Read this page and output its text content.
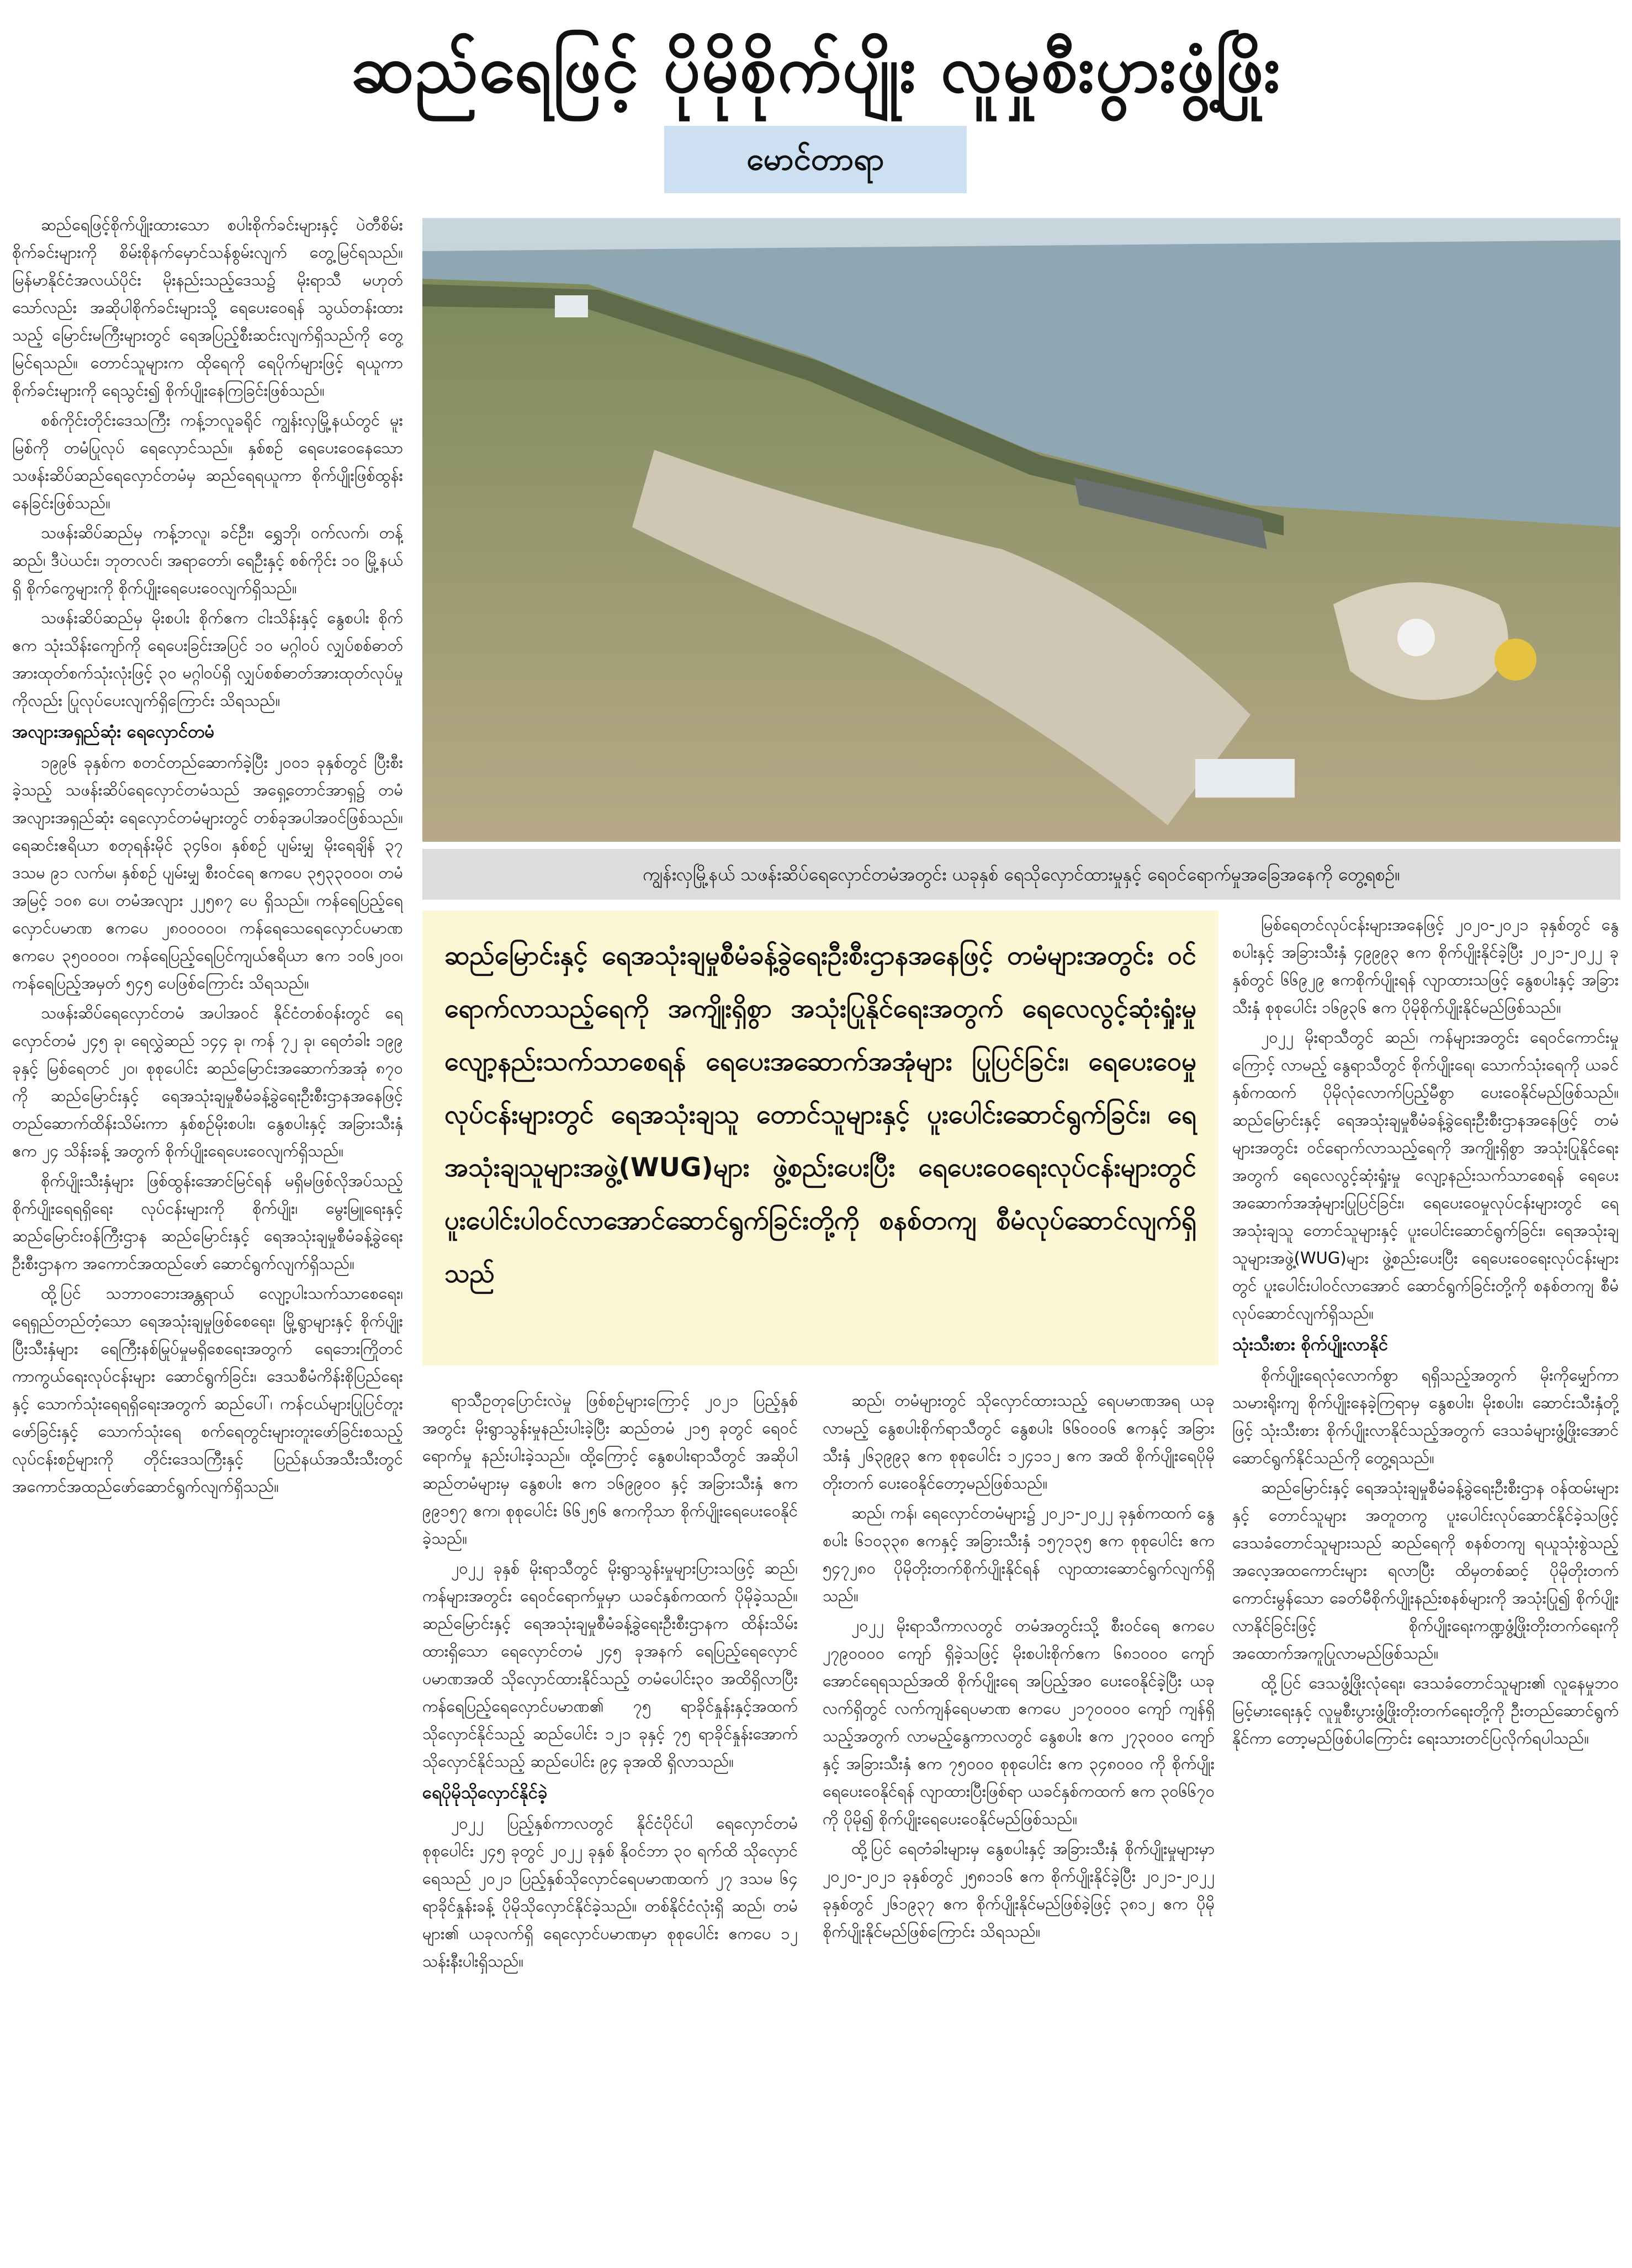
ဆည်ရေဖြင့် ပိုမိုစိုက်ပျိုး လူမှုစီးပွားဖွံ့ဖြိုး
မောင်တာရာ

ဆည်ရေဖြင့်စိုက်ပျိုးထားသော စပါးစိုက်ခင်းများနှင့် ပဲတီစိမ်းစိုက်ခင်းများကို စိမ်းစိုနက်မှောင်သန်စွမ်းလျက် တွေ့မြင်ရသည်။ မြန်မာနိုင်ငံအလယ်ပိုင်း မိုးနည်းသည့်ဒေသ၌ မိုးရာသီ မဟုတ်သော်လည်း အဆိုပါစိုက်ခင်းများသို့ ရေပေးဝေရန် သွယ်တန်းထားသည့် မြောင်းမကြီးများတွင် ရေအပြည့်စီးဆင်းလျက်ရှိသည်ကို တွေ့မြင်ရသည်။ တောင်သူများက ထိုရေကို ရေပိုက်များဖြင့် ရယူကာ စိုက်ခင်းများကို ရေသွင်း၍ စိုက်ပျိုးနေကြခြင်းဖြစ်သည်။

စစ်ကိုင်းတိုင်းဒေသကြီး ကန့်ဘလူခရိုင် ကျွန်းလှမြို့နယ်တွင် မူးမြစ်ကို တမံပြုလုပ် ရေလှောင်သည်။ နှစ်စဉ် ရေပေးဝေနေသော သဖန်းဆိပ်ဆည်ရေလှောင်တမံမှ ဆည်ရေရယူကာ စိုက်ပျိုးဖြစ်ထွန်းနေခြင်းဖြစ်သည်။

သဖန်းဆိပ်ဆည်မှ ကန့်ဘလူ၊ ခင်ဦး၊ ရွှေဘို၊ ဝက်လက်၊ တန့်ဆည်၊ ဒီပဲယင်း၊ ဘုတလင်၊ အရာတော်၊ ရေဦးနှင့် စစ်ကိုင်း ၁၀ မြို့နယ်ရှိ စိုက်ကွေများကို စိုက်ပျိုးရေပေးဝေလျက်ရှိသည်။

သဖန်းဆိပ်ဆည်မှ မိုးစပါး စိုက်ဧက ငါးသိန်းနှင့် နွေစပါး စိုက်ဧက သုံးသိန်းကျော်ကို ရေပေးခြင်းအပြင် ၁၀ မဂ္ဂါဝပ် လျှပ်စစ်ဓာတ်အားထုတ်စက်သုံးလုံးဖြင့် ၃၀ မဂ္ဂါဝပ်ရှိ လျှပ်စစ်ဓာတ်အားထုတ်လုပ်မှုကိုလည်း ပြုလုပ်ပေးလျက်ရှိကြောင်း သိရသည်။

အလျားအရှည်ဆုံး ရေလှောင်တမံ

၁၉၉၆ ခုနှစ်က စတင်တည်ဆောက်ခဲ့ပြီး ၂၀၀၁ ခုနှစ်တွင် ပြီးစီးခဲ့သည့် သဖန်းဆိပ်ရေလှောင်တမံသည် အရှေ့တောင်အာရှ၌ တမံအလျားအရှည်ဆုံး ရေလှောင်တမံများတွင် တစ်ခုအပါအဝင်ဖြစ်သည်။ ရေဆင်းဧရိယာ စတုရန်းမိုင် ၃၄၆၀၊ နှစ်စဉ် ပျမ်းမျှ မိုးရေချိန် ၃၇ ဒသမ ၉၁ လက်မ၊ နှစ်စဉ် ပျမ်းမျှ စီးဝင်ရေ ဧကပေ ၃၅၃၃၀၀၀၊ တမံအမြင့် ၁၀၈ ပေ၊ တမံအလျား ၂၂၅၈၇ ပေ ရှိသည်။ ကန်ရေပြည့်ရေလှောင်ပမာဏ ဧကပေ ၂၈၀၀၀၀၀၊ ကန်ရေသေရေလှောင်ပမာဏ ဧကပေ ၃၅၀၀၀၀၊ ကန်ရေပြည့်ရေပြင်ကျယ်ဧရိယာ ဧက ၁၀၆၂၀၀၊ ကန်ရေပြည့်အမှတ် ၅၄၅ ပေဖြစ်ကြောင်း သိရသည်။

သဖန်းဆိပ်ရေလှောင်တမံ အပါအဝင် နိုင်ငံတစ်ဝန်းတွင် ရေလှောင်တမံ ၂၄၅ ခု၊ ရေလွှဲဆည် ၁၄၄ ခု၊ ကန် ၇၂ ခု၊ ရေတံခါး ၁၉၉ ခုနှင့် မြစ်ရေတင် ၂၀၊ စုစုပေါင်း ဆည်မြောင်းအဆောက်အအုံ ၈၇၀ ကို ဆည်မြောင်းနှင့် ရေအသုံးချမှုစီမံခန့်ခွဲရေးဦးစီးဌာနအနေဖြင့် တည်ဆောက်ထိန်းသိမ်းကာ နှစ်စဉ်မိုးစပါး၊ နွေစပါးနှင့် အခြားသီးနှံ ဧက ၂၄ သိန်းခန့် အတွက် စိုက်ပျိုးရေပေးဝေလျက်ရှိသည်။

စိုက်ပျိုးသီးနှံများ ဖြစ်ထွန်းအောင်မြင်ရန် မရှိမဖြစ်လိုအပ်သည့် စိုက်ပျိုးရေရရှိရေး လုပ်ငန်းများကို စိုက်ပျိုး၊ မွေးမြူရေးနှင့် ဆည်မြောင်းဝန်ကြီးဌာန ဆည်မြောင်းနှင့် ရေအသုံးချမှုစီမံခန့်ခွဲရေးဦးစီးဌာနက အကောင်အထည်ဖော် ဆောင်ရွက်လျက်ရှိသည်။

ထို့ပြင် သဘာဝဘေးအန္တရာယ် လျော့ပါးသက်သာစေရေး၊ ရေရှည်တည်တံ့သော ရေအသုံးချမှုဖြစ်စေရေး၊ မြို့ရွာများနှင့် စိုက်ပျိုးပြီးသီးနှံများ ရေကြီးနစ်မြုပ်မှုမရှိစေရေးအတွက် ရေဘေးကြိုတင်ကာကွယ်ရေးလုပ်ငန်းများ ဆောင်ရွက်ခြင်း၊ ဒေသစီမံကိန်းစိုပြည်ရေးနှင့် သောက်သုံးရေရရှိရေးအတွက် ဆည်ပေါ်၊ ကန်ငယ်များပြုပြင်တူးဖော်ခြင်းနှင့် သောက်သုံးရေ စက်ရေတွင်းများတူးဖော်ခြင်းစသည့် လုပ်ငန်းစဉ်များကို တိုင်းဒေသကြီးနှင့် ပြည်နယ်အသီးသီးတွင် အကောင်အထည်ဖော်ဆောင်ရွက်လျက်ရှိသည်။

ကျွန်းလှမြို့နယ် သဖန်းဆိပ်ရေလှောင်တမံအတွင်း ယခုနှစ် ရေသိုလှောင်ထားမှုနှင့် ရေဝင်ရောက်မှုအခြေအနေကို တွေ့ရစဉ်။
ဆည်မြောင်းနှင့် ရေအသုံးချမှုစီမံခန့်ခွဲရေးဦးစီးဌာနအနေဖြင့် တမံများအတွင်း ဝင်ရောက်လာသည့်ရေကို အကျိုးရှိစွာ အသုံးပြုနိုင်ရေးအတွက် ရေလေလွင့်ဆုံးရှုံးမှု လျော့နည်းသက်သာစေရန် ရေပေးအဆောက်အအုံများ ပြုပြင်ခြင်း၊ ရေပေးဝေမှုလုပ်ငန်းများတွင် ရေအသုံးချသူ တောင်သူများနှင့် ပူးပေါင်းဆောင်ရွက်ခြင်း၊ ရေအသုံးချသူများအဖွဲ့(WUG)များ ဖွဲ့စည်းပေးပြီး ရေပေးဝေရေးလုပ်ငန်းများတွင် ပူးပေါင်းပါဝင်လာအောင်ဆောင်ရွက်ခြင်းတို့ကို စနစ်တကျ စီမံလုပ်ဆောင်လျက်ရှိသည်

ရာသီဥတုပြောင်းလဲမှု ဖြစ်စဉ်များကြောင့် ၂၀၂၁ ပြည့်နှစ်အတွင်း မိုးရွာသွန်းမှုနည်းပါးခဲ့ပြီး ဆည်တမံ ၂၁၅ ခုတွင် ရေဝင်ရောက်မှု နည်းပါးခဲ့သည်။ ထို့ကြောင့် နွေစပါးရာသီတွင် အဆိုပါ ဆည်တမံများမှ နွေစပါး ဧက ၁၆၉၉၀၀ နှင့် အခြားသီးနှံ ဧက ၉၉၁၅၇ ဧက၊ စုစုပေါင်း ၆၆၂၅၆ ဧကကိုသာ စိုက်ပျိုးရေပေးဝေနိုင်ခဲ့သည်။

၂၀၂၂ ခုနှစ် မိုးရာသီတွင် မိုးရွာသွန်းမှုများပြားသဖြင့် ဆည်၊ ကန်များအတွင်း ရေဝင်ရောက်မှုမှာ ယခင်နှစ်ကထက် ပိုမိုခဲ့သည်။ ဆည်မြောင်းနှင့် ရေအသုံးချမှုစီမံခန့်ခွဲရေးဦးစီးဌာနက ထိန်းသိမ်းထားရှိသော ရေလှောင်တမံ ၂၄၅ ခုအနက် ရေပြည့်ရေလှောင်ပမာဏအထိ သိုလှောင်ထားနိုင်သည့် တမံပေါင်း၃၀ အထိရှိလာပြီး ကန်ရေပြည့်ရေလှောင်ပမာဏ၏ ၇၅ ရာခိုင်နှုန်းနှင့်အထက် သိုလှောင်နိုင်သည့် ဆည်ပေါင်း ၁၂၁ ခုနှင့် ၇၅ ရာခိုင်နှုန်းအောက် သိုလှောင်နိုင်သည့် ဆည်ပေါင်း ၉၄ ခုအထိ ရှိလာသည်။

ရေပိုမိုသိုလှောင်နိုင်ခဲ့

၂၀၂၂ ပြည့်နှစ်ကာလတွင် နိုင်ငံပိုင်ပါ ရေလှောင်တမံ စုစုပေါင်း ၂၄၅ ခုတွင် ၂၀၂၂ ခုနှစ် နိုဝင်ဘာ ၃၀ ရက်ထိ သိုလှောင်ရေသည် ၂၀၂၁ ပြည့်နှစ်သိုလှောင်ရေပမာဏထက် ၂၇ ဒသမ ၆၄ ရာခိုင်နှုန်းခန့် ပိုမိုသိုလှောင်နိုင်ခဲ့သည်။ တစ်နိုင်ငံလုံးရှိ ဆည်၊ တမံများ၏ ယခုလက်ရှိ ရေလှောင်ပမာဏမှာ စုစုပေါင်း ဧကပေ ၁၂ သန်းနီးပါးရှိသည်။

ဆည်၊ တမံများတွင် သိုလှောင်ထားသည့် ရေပမာဏအရ ယခုလာမည့် နွေစပါးစိုက်ရာသီတွင် နွေစပါး ၆၆၀၀၀၆ ဧကနှင့် အခြားသီးနှံ ၂၆၃၉၉၃ ဧက စုစုပေါင်း ၁၂၄၁၁၂ ဧက အထိ စိုက်ပျိုးရေပိုမိုတိုးတက် ပေးဝေနိုင်တော့မည်ဖြစ်သည်။

ဆည်၊ ကန်၊ ရေလှောင်တမံများ၌ ၂၀၂၁-၂၀၂၂ ခုနှစ်ကထက် နွေစပါး ၆၁၀၃၃၈ ဧကနှင့် အခြားသီးနှံ ၁၅၇၁၃၅ ဧက စုစုပေါင်း ဧက ၅၄၇၂၈၀ ပိုမိုတိုးတက်စိုက်ပျိုးနိုင်ရန် လျာထားဆောင်ရွက်လျက်ရှိသည်။

၂၀၂၂ မိုးရာသီကာလတွင် တမံအတွင်းသို့ စီးဝင်ရေ ဧကပေ ၂၇၉၀၀၀၀ ကျော် ရှိခဲ့သဖြင့် မိုးစပါးစိုက်ဧက ၆၈၁၀၀၀ ကျော် အောင်ရေရသည်အထိ စိုက်ပျိုးရေ အပြည့်အဝ ပေးဝေနိုင်ခဲ့ပြီး ယခုလက်ရှိတွင် လက်ကျန်ရေပမာဏ ဧကပေ ၂၁၇၀၀၀၀ ကျော် ကျန်ရှိသည့်အတွက် လာမည့်နွေကာလတွင် နွေစပါး ဧက ၂၇၃၀၀၀ ကျော်နှင့် အခြားသီးနှံ ဧက ၇၅၀၀၀ စုစုပေါင်း ဧက ၃၄၈၀၀၀ ကို စိုက်ပျိုးရေပေးဝေနိုင်ရန် လျာထားပြီးဖြစ်ရာ ယခင်နှစ်ကထက် ဧက ၃၀၆၆၇၀ ကို ပိုမို၍ စိုက်ပျိုးရေပေးဝေနိုင်မည်ဖြစ်သည်။

ထို့ပြင် ရေတံခါးများမှ နွေစပါးနှင့် အခြားသီးနှံ စိုက်ပျိုးမှုများမှာ ၂၀၂၀-၂၀၂၁ ခုနှစ်တွင် ၂၅၈၁၁၆ ဧက စိုက်ပျိုးနိုင်ခဲ့ပြီး ၂၀၂၁-၂၀၂၂ ခုနှစ်တွင် ၂၆၁၉၃၇ ဧက စိုက်ပျိုးနိုင်မည်ဖြစ်ခဲ့ဖြင့် ၃၈၁၂ ဧက ပိုမိုစိုက်ပျိုးနိုင်မည်ဖြစ်ကြောင်း သိရသည်။

မြစ်ရေတင်လုပ်ငန်းများအနေဖြင့် ၂၀၂၀-၂၀၂၁ ခုနှစ်တွင် နွေစပါးနှင့် အခြားသီးနှံ ၄၉၉၉၃ ဧက စိုက်ပျိုးနိုင်ခဲ့ပြီး ၂၀၂၁-၂၀၂၂ ခုနှစ်တွင် ၆၆၉၂၉ ဧကစိုက်ပျိုးရန် လျာထားသဖြင့် နွေစပါးနှင့် အခြားသီးနှံ စုစုပေါင်း ၁၆၉၃၆ ဧက ပိုမိုစိုက်ပျိုးနိုင်မည်ဖြစ်သည်။

၂၀၂၂ မိုးရာသီတွင် ဆည်၊ ကန်များအတွင်း ရေဝင်ကောင်းမှုကြောင့် လာမည့် နွေရာသီတွင် စိုက်ပျိုးရေ၊ သောက်သုံးရေကို ယခင်နှစ်ကထက် ပိုမိုလုံလောက်ပြည့်မီစွာ ပေးဝေနိုင်မည်ဖြစ်သည်။ ဆည်မြောင်းနှင့် ရေအသုံးချမှုစီမံခန့်ခွဲရေးဦးစီးဌာနအနေဖြင့် တမံများအတွင်း ဝင်ရောက်လာသည့်ရေကို အကျိုးရှိစွာ အသုံးပြုနိုင်ရေးအတွက် ရေလေလွင့်ဆုံးရှုံးမှု လျော့နည်းသက်သာစေရန် ရေပေးအဆောက်အအုံများပြုပြင်ခြင်း၊ ရေပေးဝေမှုလုပ်ငန်းများတွင် ရေအသုံးချသူ တောင်သူများနှင့် ပူးပေါင်းဆောင်ရွက်ခြင်း၊ ရေအသုံးချသူများအဖွဲ့(WUG)များ ဖွဲ့စည်းပေးပြီး ရေပေးဝေရေးလုပ်ငန်းများတွင် ပူးပေါင်းပါဝင်လာအောင် ဆောင်ရွက်ခြင်းတို့ကို စနစ်တကျ စီမံလုပ်ဆောင်လျက်ရှိသည်။

သုံးသီးစား စိုက်ပျိုးလာနိုင်

စိုက်ပျိုးရေလုံလောက်စွာ ရရှိသည့်အတွက် မိုးကိုမျှော်ကာ သမားရိုးကျ စိုက်ပျိုးနေခဲ့ကြရာမှ နွေစပါး၊ မိုးစပါး၊ ဆောင်းသီးနှံတို့ဖြင့် သုံးသီးစား စိုက်ပျိုးလာနိုင်သည့်အတွက် ဒေသခံများဖွံ့ဖြိုးအောင် ဆောင်ရွက်နိုင်သည်ကို တွေ့ရသည်။

ဆည်မြောင်းနှင့် ရေအသုံးချမှုစီမံခန့်ခွဲရေးဦးစီးဌာန ဝန်ထမ်းများနှင့် တောင်သူများ အတူတကွ ပူးပေါင်းလုပ်ဆောင်နိုင်ခဲ့သဖြင့် ဒေသခံတောင်သူများသည် ဆည်ရေကို စနစ်တကျ ရယူသုံးစွဲသည့် အလေ့အထကောင်းများ ရလာပြီး ထိမှတစ်ဆင့် ပိုမိုတိုးတက်ကောင်းမွန်သော ခေတ်မီစိုက်ပျိုးနည်းစနစ်များကို အသုံးပြု၍ စိုက်ပျိုးလာနိုင်ခြင်းဖြင့် စိုက်ပျိုးရေးကဏ္ဍဖွံ့ဖြိုးတိုးတက်ရေးကို အထောက်အကူပြုလာမည်ဖြစ်သည်။

ထို့ပြင် ဒေသဖွံ့ဖြိုးလုံရေး၊ ဒေသခံတောင်သူများ၏ လူနေမှုဘဝမြင့်မားရေးနှင့် လူမှုစီးပွားဖွံ့ဖြိုးတိုးတက်ရေးတို့ကို ဦးတည်ဆောင်ရွက်နိုင်ကာ တော့မည်ဖြစ်ပါကြောင်း ရေးသားတင်ပြလိုက်ရပါသည်။
